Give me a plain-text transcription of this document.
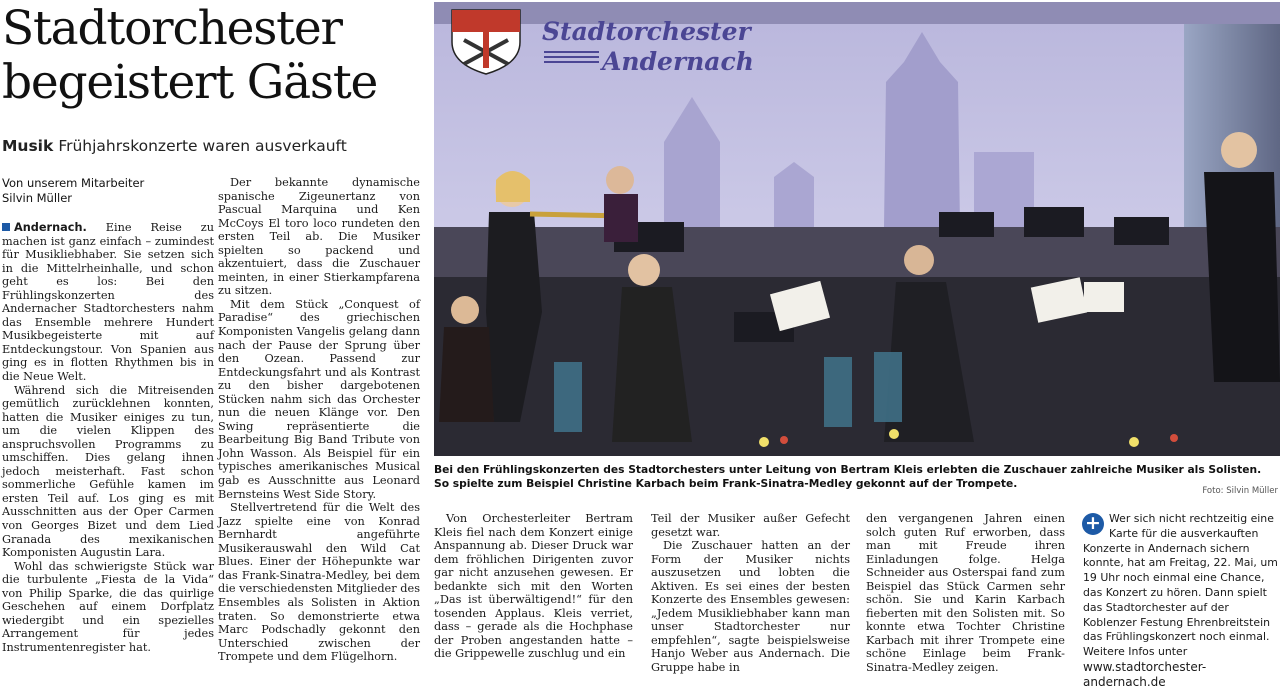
Stadtorchester
begeistert Gäste
Musik Frühjahrskonzerte waren ausverkauft
Von unserem Mitarbeiter
Silvin Müller

Andernach. Eine Reise zu machen ist ganz einfach – zumindest für Musikliebhaber. Sie setzen sich in die Mittelrheinhalle, und schon geht es los: Bei den Frühlingskonzerten des Andernacher Stadtorchesters nahm das Ensemble mehrere Hundert Musikbegeisterte mit auf Entdeckungstour. Von Spanien aus ging es in flotten Rhythmen bis in die Neue Welt.

Während sich die Mitreisenden gemütlich zurücklehnen konnten, hatten die Musiker einiges zu tun, um die vielen Klippen des anspruchsvollen Programms zu umschiffen. Dies gelang ihnen jedoch meisterhaft. Fast schon sommerliche Gefühle kamen im ersten Teil auf. Los ging es mit Ausschnitten aus der Oper Carmen von Georges Bizet und dem Lied Granada des mexikanischen Komponisten Augustin Lara.

Wohl das schwierigste Stück war die turbulente „Fiesta de la Vida“ von Philip Sparke, die das quirlige Geschehen auf einem Dorfplatz wiedergibt und ein spezielles Arrangement für jedes Instrumentenregister hat.

Der bekannte dynamische spanische Zigeunertanz von Pascual Marquina und Ken McCoys El toro loco rundeten den ersten Teil ab. Die Musiker spielten so packend und akzentuiert, dass die Zuschauer meinten, in einer Stierkampfarena zu sitzen.

Mit dem Stück „Conquest of Paradise“ des griechischen Komponisten Vangelis gelang dann nach der Pause der Sprung über den Ozean. Passend zur Entdeckungsfahrt und als Kontrast zu den bisher dargebotenen Stücken nahm sich das Orchester nun die neuen Klänge vor. Den Swing repräsentierte die Bearbeitung Big Band Tribute von John Wasson. Als Beispiel für ein typisches amerikanisches Musical gab es Ausschnitte aus Leonard Bernsteins West Side Story.

Stellvertretend für die Welt des Jazz spielte eine von Konrad Bernhardt angeführte Musikerauswahl den Wild Cat Blues. Einer der Höhepunkte war das Frank-Sinatra-Medley, bei dem die verschiedensten Mitglieder des Ensembles als Solisten in Aktion traten. So demonstrierte etwa Marc Podschadly gekonnt den Unterschied zwischen der Trompete und dem Flügelhorn.

Stadtorchester
Andernach
Bei den Frühlingskonzerten des Stadtorchesters unter Leitung von Bertram Kleis erlebten die Zuschauer zahlreiche Musiker als Solisten. So spielte zum Beispiel Christine Karbach beim Frank-Sinatra-Medley gekonnt auf der Trompete.
Foto: Silvin Müller

Von Orchesterleiter Bertram Kleis fiel nach dem Konzert einige Anspannung ab. Dieser Druck war dem fröhlichen Dirigenten zuvor gar nicht anzusehen gewesen. Er bedankte sich mit den Worten „Das ist überwältigend!“ für den tosenden Applaus. Kleis verriet, dass – gerade als die Hochphase der Proben angestanden hatte – die Grippewelle zuschlug und ein

Teil der Musiker außer Gefecht gesetzt war.

Die Zuschauer hatten an der Form der Musiker nichts auszusetzen und lobten die Aktiven. Es sei eines der besten Konzerte des Ensembles gewesen: „Jedem Musikliebhaber kann man unser Stadtorchester nur empfehlen“, sagte beispielsweise Hanjo Weber aus Andernach. Die Gruppe habe in

den vergangenen Jahren einen solch guten Ruf erworben, dass man mit Freude ihren Einladungen folge. Helga Schneider aus Osterspai fand zum Beispiel das Stück Carmen sehr schön. Sie und Karin Karbach fieberten mit den Solisten mit. So konnte etwa Tochter Christine Karbach mit ihrer Trompete eine schöne Einlage beim Frank-Sinatra-Medley zeigen.

+ Wer sich nicht rechtzeitig eine Karte für die ausverkauften Konzerte in Andernach sichern konnte, hat am Freitag, 22. Mai, um 19 Uhr noch einmal eine Chance, das Konzert zu hören. Dann spielt das Stadtorchester auf der Koblenzer Festung Ehrenbreitstein das Frühlingskonzert noch einmal. Weitere Infos unter
www.stadtorchester-andernach.de
